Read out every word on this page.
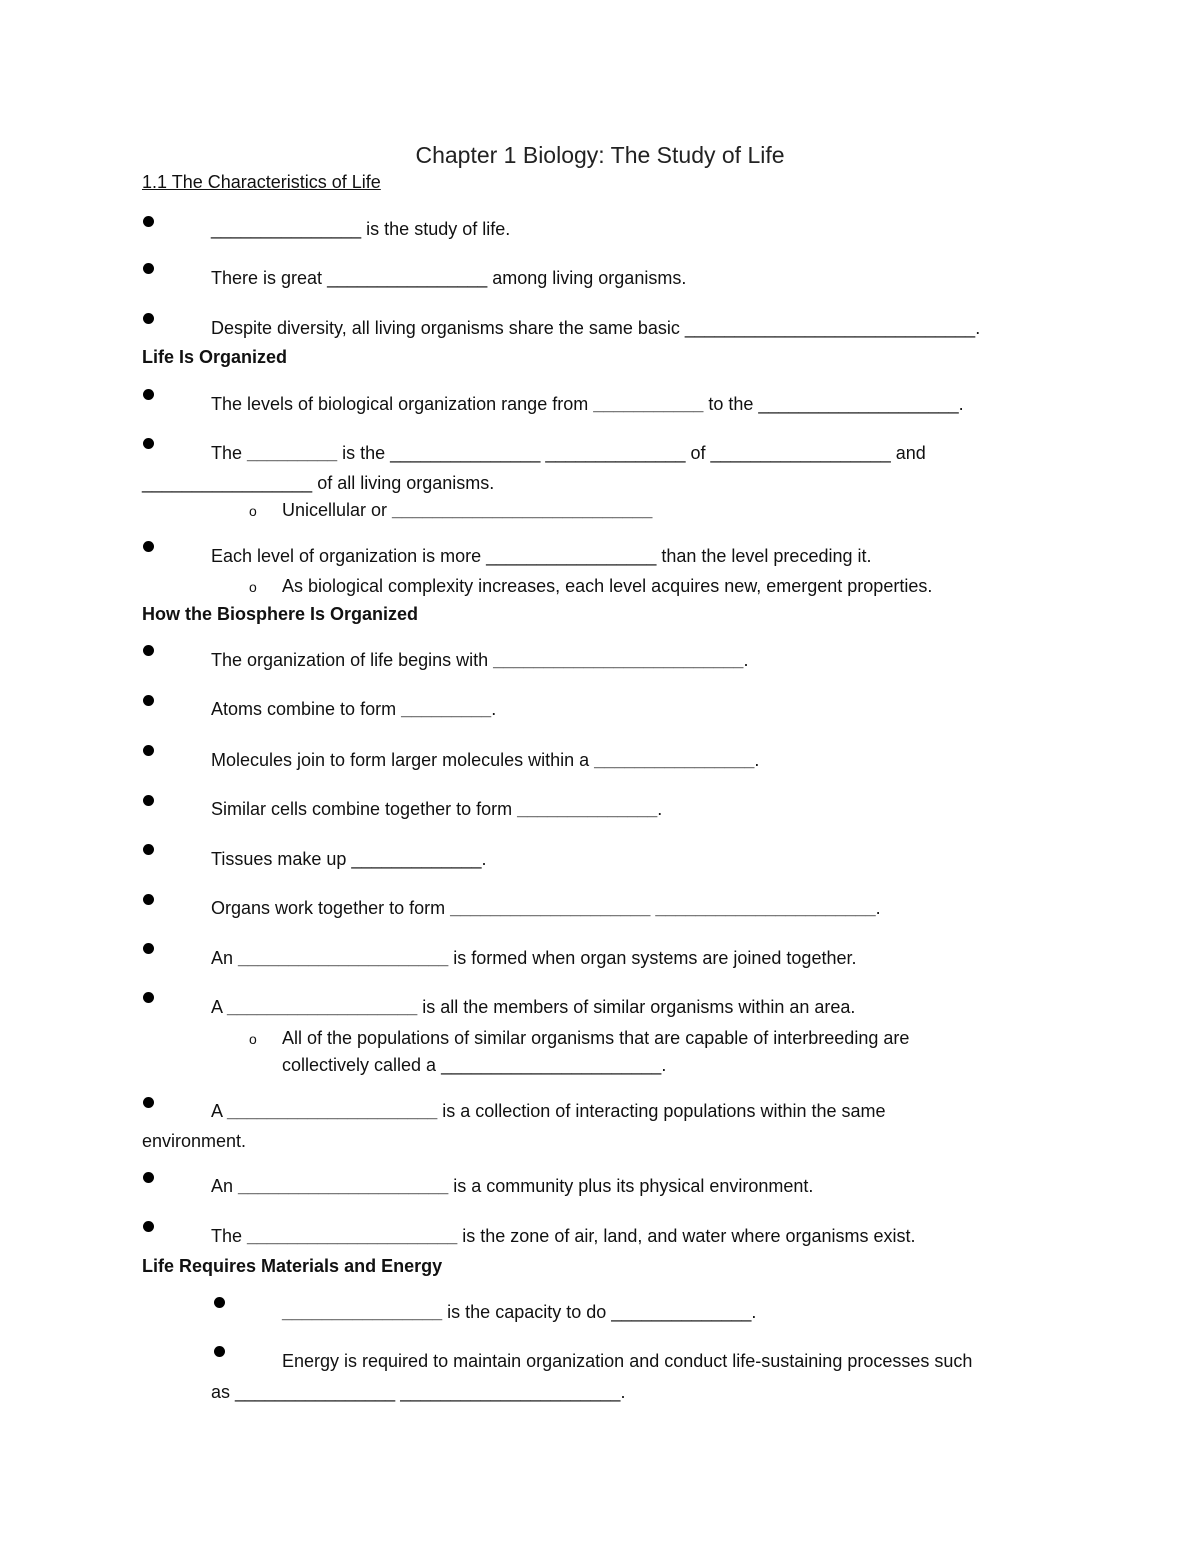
Chapter 1 Biology: The Study of Life
1.1 The Characteristics of Life
_______________ is the study of life.
There is great ________________ among living organisms.
Despite diversity, all living organisms share the same basic _____________________________.
Life Is Organized
The levels of biological organization range from ___________ to the ____________________.
The _________ is the _______________ ______________ of __________________ and
_________________ of all living organisms.
o Unicellular or __________________________
Each level of organization is more _________________ than the level preceding it.
o As biological complexity increases, each level acquires new, emergent properties.
How the Biosphere Is Organized
The organization of life begins with _________________________.
Atoms combine to form _________.
Molecules join to form larger molecules within a ________________.
Similar cells combine together to form ______________.
Tissues make up _____________.
Organs work together to form ____________________ ______________________.
An _____________________ is formed when organ systems are joined together.
A ___________________ is all the members of similar organisms within an area.
o All of the populations of similar organisms that are capable of interbreeding are
collectively called a ______________________.
A _____________________ is a collection of interacting populations within the same
environment.
An _____________________ is a community plus its physical environment.
The _____________________ is the zone of air, land, and water where organisms exist.
Life Requires Materials and Energy
________________ is the capacity to do ______________.
Energy is required to maintain organization and conduct life-sustaining processes such
as ________________ ______________________.
